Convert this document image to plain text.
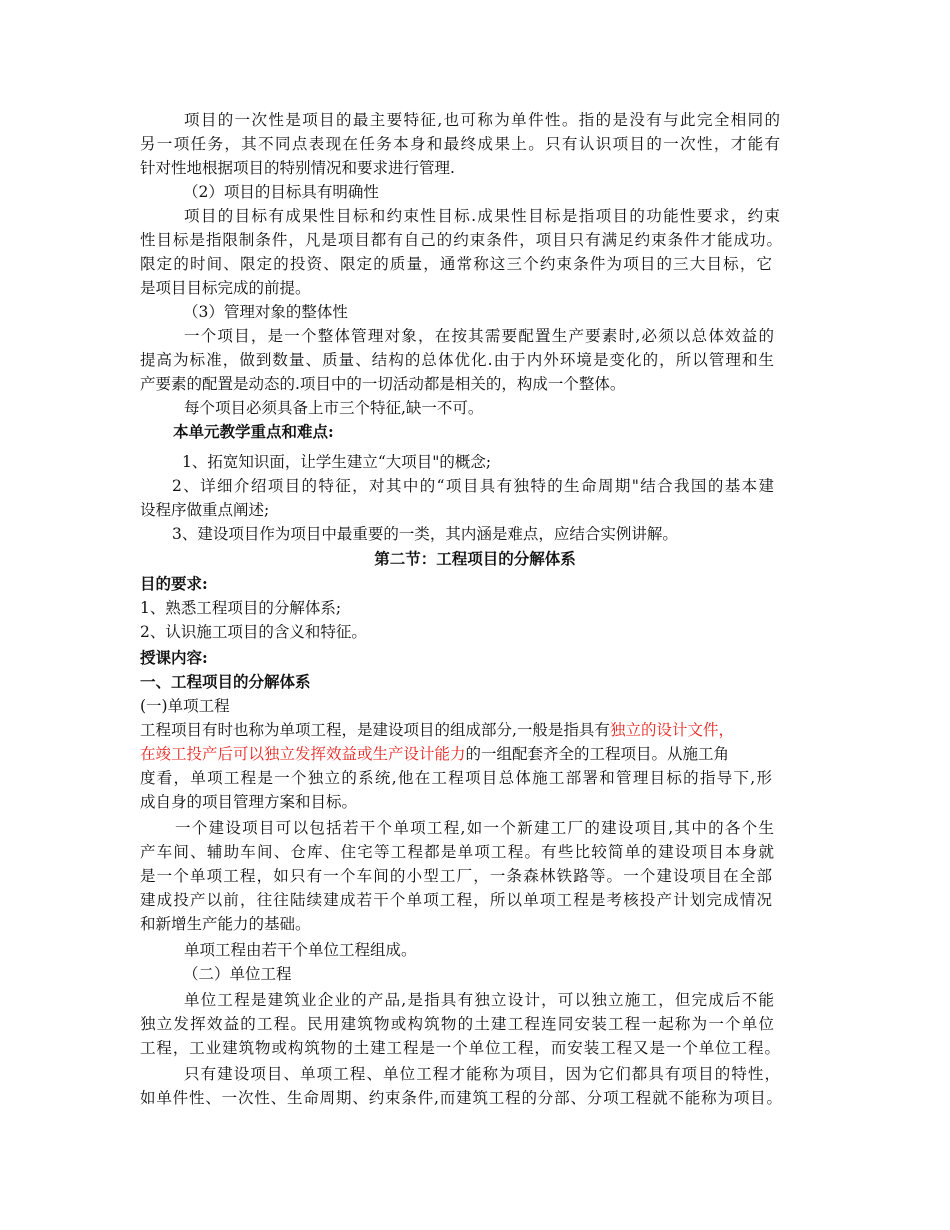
项目的一次性是项目的最主要特征,也可称为单件性。指的是没有与此完全相同的
另一项任务，其不同点表现在任务本身和最终成果上。只有认识项目的一次性，才能有
针对性地根据项目的特别情况和要求进行管理.
（2）项目的目标具有明确性
项目的目标有成果性目标和约束性目标.成果性目标是指项目的功能性要求，约束
性目标是指限制条件，凡是项目都有自己的约束条件，项目只有满足约束条件才能成功。
限定的时间、限定的投资、限定的质量，通常称这三个约束条件为项目的三大目标，它
是项目目标完成的前提。
（3）管理对象的整体性
一个项目，是一个整体管理对象，在按其需要配置生产要素时,必须以总体效益的
提高为标准，做到数量、质量、结构的总体优化.由于内外环境是变化的，所以管理和生
产要素的配置是动态的.项目中的一切活动都是相关的，构成一个整体。
每个项目必须具备上市三个特征,缺一不可。
本单元教学重点和难点:
1、拓宽知识面，让学生建立“大项目"的概念;
2、详细介绍项目的特征，对其中的“项目具有独特的生命周期"结合我国的基本建
设程序做重点阐述;
3、建设项目作为项目中最重要的一类，其内涵是难点，应结合实例讲解。
第二节：工程项目的分解体系
目的要求:
1、熟悉工程项目的分解体系;
2、认识施工项目的含义和特征。
授课内容:
一、工程项目的分解体系
(一)单项工程
工程项目有时也称为单项工程，是建设项目的组成部分,一般是指具有独立的设计文件，
在竣工投产后可以独立发挥效益或生产设计能力的一组配套齐全的工程项目。从施工角
度看，单项工程是一个独立的系统,他在工程项目总体施工部署和管理目标的指导下,形
成自身的项目管理方案和目标。
一个建设项目可以包括若干个单项工程,如一个新建工厂的建设项目,其中的各个生
产车间、辅助车间、仓库、住宅等工程都是单项工程。有些比较简单的建设项目本身就
是一个单项工程，如只有一个车间的小型工厂，一条森林铁路等。一个建设项目在全部
建成投产以前，往往陆续建成若干个单项工程，所以单项工程是考核投产计划完成情况
和新增生产能力的基础。
单项工程由若干个单位工程组成。
（二）单位工程
单位工程是建筑业企业的产品,是指具有独立设计，可以独立施工，但完成后不能
独立发挥效益的工程。民用建筑物或构筑物的土建工程连同安装工程一起称为一个单位
工程，工业建筑物或构筑物的土建工程是一个单位工程，而安装工程又是一个单位工程。
只有建设项目、单项工程、单位工程才能称为项目，因为它们都具有项目的特性，
如单件性、一次性、生命周期、约束条件,而建筑工程的分部、分项工程就不能称为项目。
